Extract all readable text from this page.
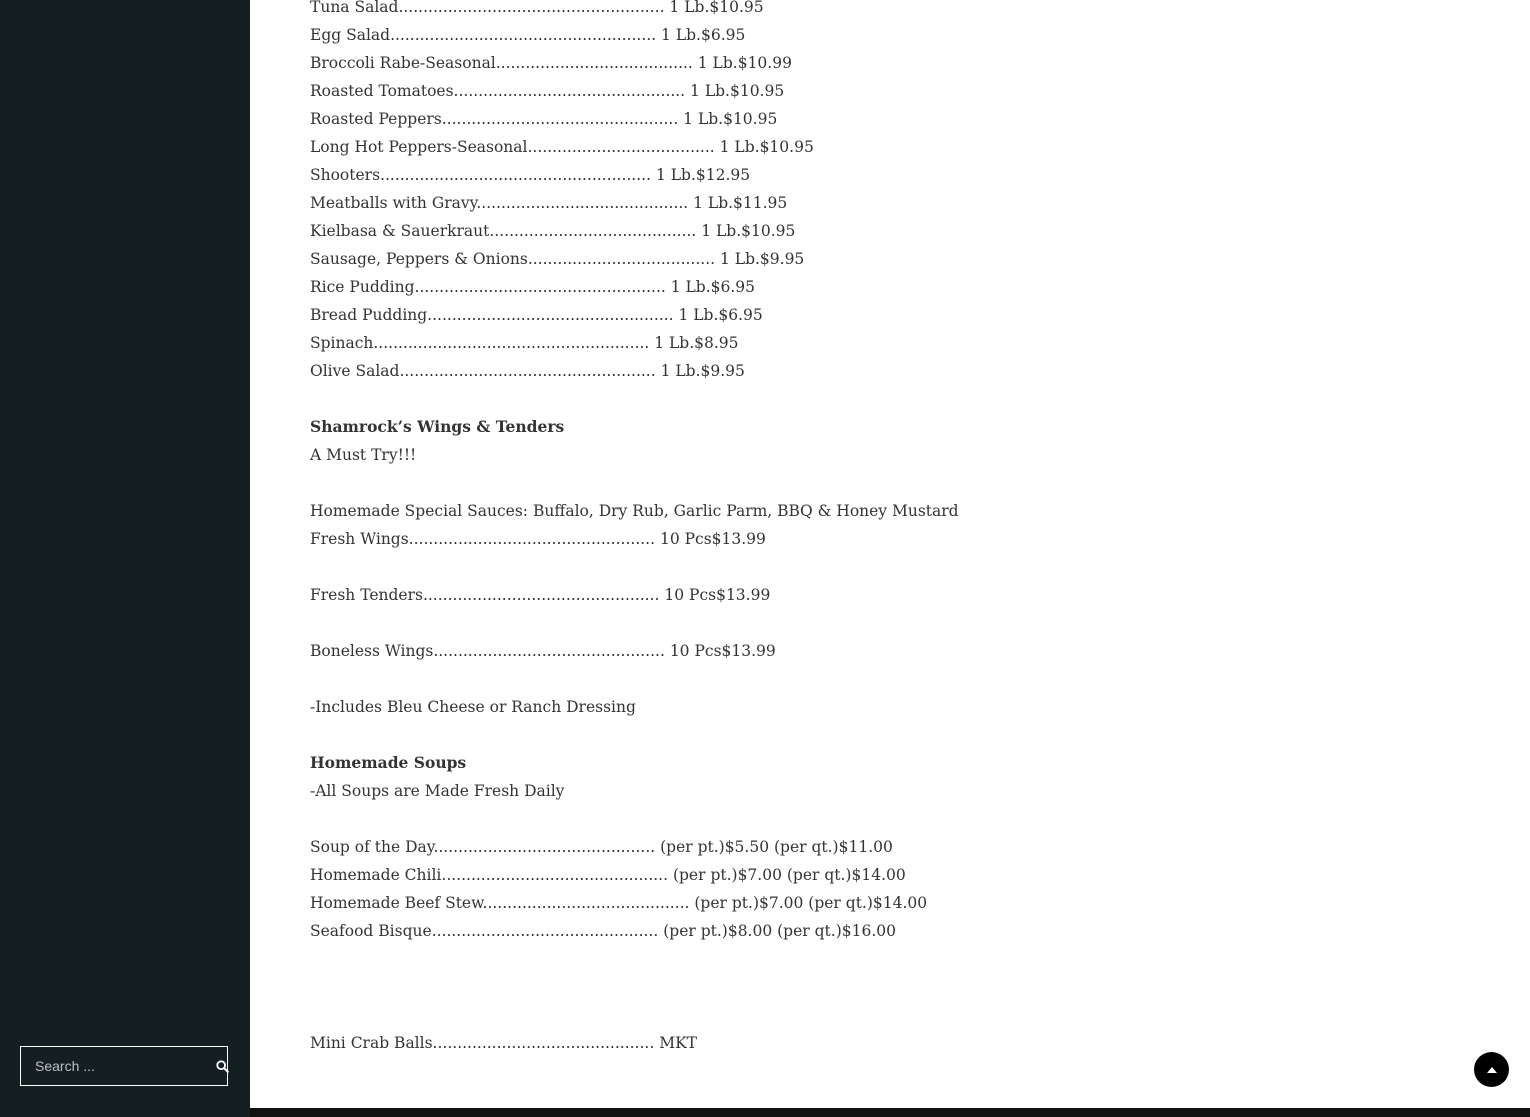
Search ...
Tuna Salad...................................................... 1 Lb.$10.95
Egg Salad...................................................... 1 Lb.$6.95
Broccoli Rabe-Seasonal........................................ 1 Lb.$10.99
Roasted Tomatoes............................................... 1 Lb.$10.95
Roasted Peppers................................................ 1 Lb.$10.95
Long Hot Peppers-Seasonal...................................... 1 Lb.$10.95
Shooters....................................................... 1 Lb.$12.95
Meatballs with Gravy........................................... 1 Lb.$11.95
Kielbasa & Sauerkraut.......................................... 1 Lb.$10.95
Sausage, Peppers & Onions...................................... 1 Lb.$9.95
Rice Pudding................................................... 1 Lb.$6.95
Bread Pudding.................................................. 1 Lb.$6.95
Spinach........................................................ 1 Lb.$8.95
Olive Salad.................................................... 1 Lb.$9.95
Shamrock’s Wings & Tenders
A Must Try!!!
Homemade Special Sauces: Buffalo, Dry Rub, Garlic Parm, BBQ & Honey Mustard
Fresh Wings.................................................. 10 Pcs$13.99
Fresh Tenders................................................ 10 Pcs$13.99
Boneless Wings............................................... 10 Pcs$13.99
-Includes Bleu Cheese or Ranch Dressing
Homemade Soups
-All Soups are Made Fresh Daily
Soup of the Day............................................. (per pt.)$5.50 (per qt.)$11.00
Homemade Chili.............................................. (per pt.)$7.00 (per qt.)$14.00
Homemade Beef Stew.......................................... (per pt.)$7.00 (per qt.)$14.00
Seafood Bisque.............................................. (per pt.)$8.00 (per qt.)$16.00
Mini Crab Balls............................................. MKT
